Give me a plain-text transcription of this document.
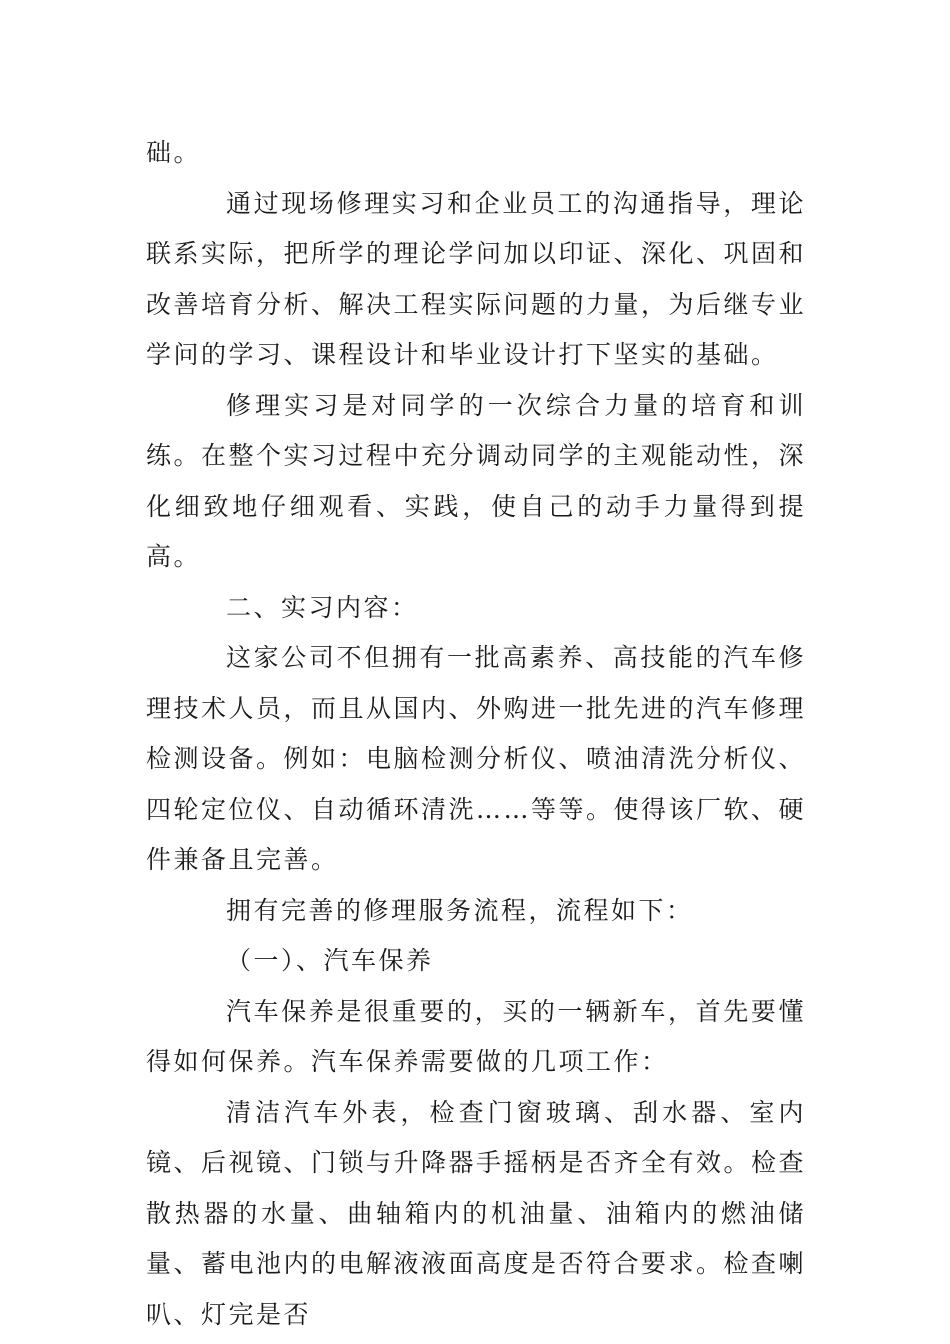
础。

通过现场修理实习和企业员工的沟通指导，理论联系实际，把所学的理论学问加以印证、深化、巩固和改善培育分析、解决工程实际问题的力量，为后继专业学问的学习、课程设计和毕业设计打下坚实的基础。

修理实习是对同学的一次综合力量的培育和训练。在整个实习过程中充分调动同学的主观能动性，深化细致地仔细观看、实践，使自己的动手力量得到提高。

二、实习内容：

这家公司不但拥有一批高素养、高技能的汽车修理技术人员，而且从国内、外购进一批先进的汽车修理检测设备。例如：电脑检测分析仪、喷油清洗分析仪、四轮定位仪、自动循环清洗……等等。使得该厂软、硬件兼备且完善。

拥有完善的修理服务流程，流程如下：

（一）、汽车保养

汽车保养是很重要的，买的一辆新车，首先要懂得如何保养。汽车保养需要做的几项工作：

清洁汽车外表，检查门窗玻璃、刮水器、室内镜、后视镜、门锁与升降器手摇柄是否齐全有效。检查散热器的水量、曲轴箱内的机油量、油箱内的燃油储量、蓄电池内的电解液液面高度是否符合要求。检查喇叭、灯完是否
